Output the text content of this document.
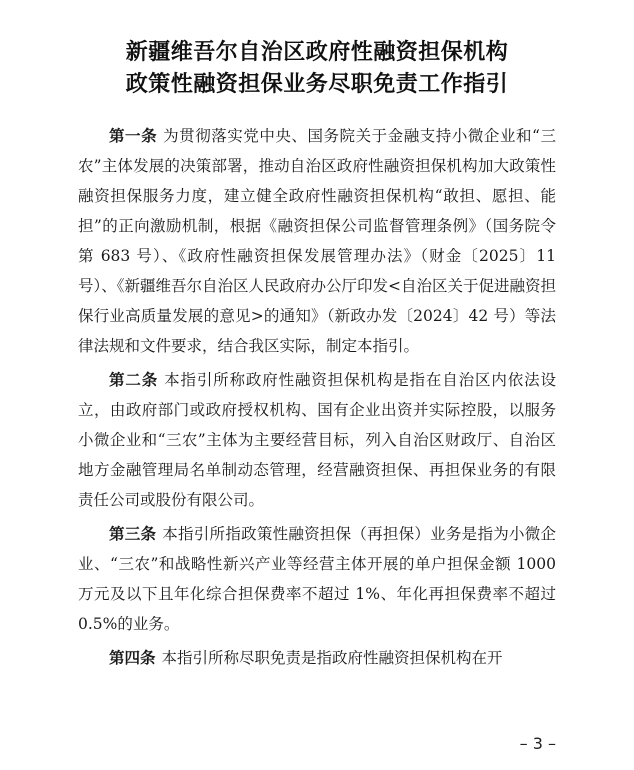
新疆维吾尔自治区政府性融资担保机构
政策性融资担保业务尽职免责工作指引

第一条 为贯彻落实党中央、国务院关于金融支持小微企业和“三农”主体发展的决策部署，推动自治区政府性融资担保机构加大政策性融资担保服务力度，建立健全政府性融资担保机构“敢担、愿担、能担”的正向激励机制，根据《融资担保公司监督管理条例》（国务院令第 683 号）、《政府性融资担保发展管理办法》（财金〔2025〕11 号）、《新疆维吾尔自治区人民政府办公厅印发<自治区关于促进融资担保行业高质量发展的意见>的通知》（新政办发〔2024〕42 号）等法律法规和文件要求，结合我区实际，制定本指引。

第二条 本指引所称政府性融资担保机构是指在自治区内依法设立，由政府部门或政府授权机构、国有企业出资并实际控股，以服务小微企业和“三农”主体为主要经营目标，列入自治区财政厅、自治区地方金融管理局名单制动态管理，经营融资担保、再担保业务的有限责任公司或股份有限公司。

第三条 本指引所指政策性融资担保（再担保）业务是指为小微企业、“三农”和战略性新兴产业等经营主体开展的单户担保金额 1000 万元及以下且年化综合担保费率不超过 1%、年化再担保费率不超过 0.5%的业务。

第四条 本指引所称尽职免责是指政府性融资担保机构在开

– 3 –
